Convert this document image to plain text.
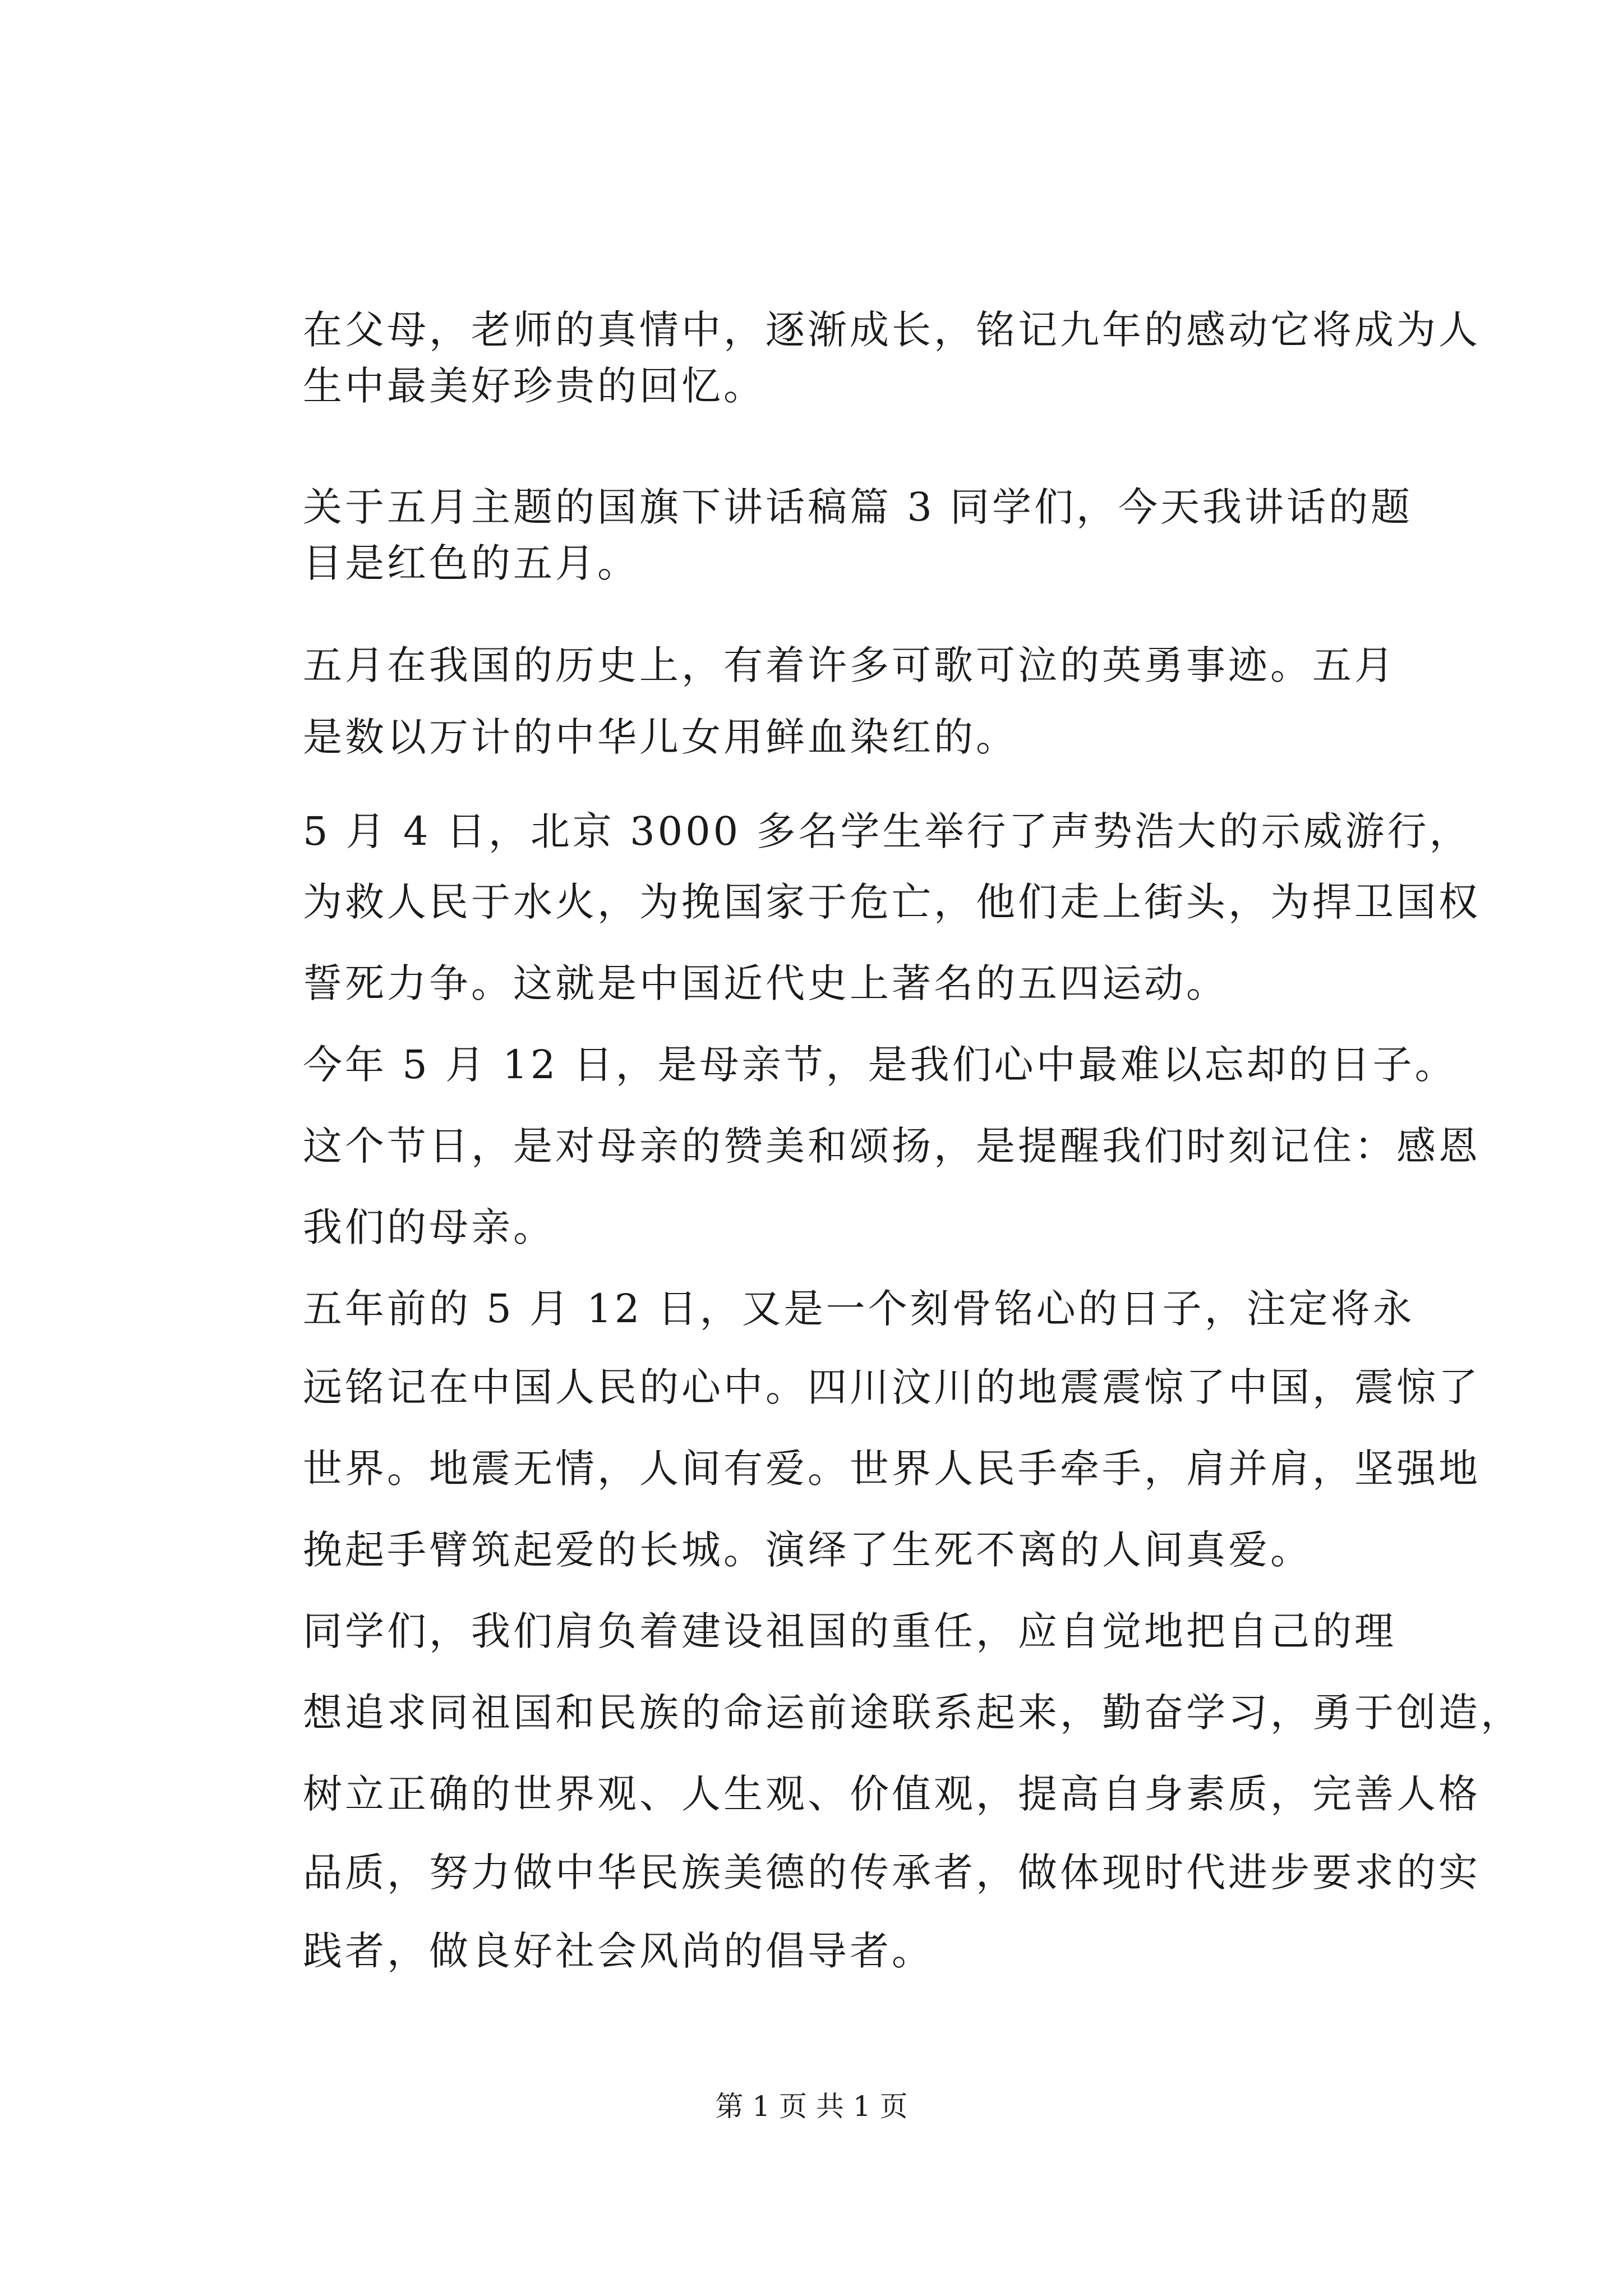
在父母，老师的真情中，逐渐成长，铭记九年的感动它将成为人

生中最美好珍贵的回忆。

关于五月主题的国旗下讲话稿篇 3 同学们，今天我讲话的题

目是红色的五月。

五月在我国的历史上，有着许多可歌可泣的英勇事迹。五月

是数以万计的中华儿女用鲜血染红的。

5 月 4 日，北京 3000 多名学生举行了声势浩大的示威游行，

为救人民于水火，为挽国家于危亡，他们走上街头，为捍卫国权

誓死力争。这就是中国近代史上著名的五四运动。

今年 5 月 12 日，是母亲节，是我们心中最难以忘却的日子。

这个节日，是对母亲的赞美和颂扬，是提醒我们时刻记住：感恩

我们的母亲。

五年前的 5 月 12 日，又是一个刻骨铭心的日子，注定将永

远铭记在中国人民的心中。四川汶川的地震震惊了中国，震惊了

世界。地震无情，人间有爱。世界人民手牵手，肩并肩，坚强地

挽起手臂筑起爱的长城。演绎了生死不离的人间真爱。

同学们，我们肩负着建设祖国的重任，应自觉地把自己的理

想追求同祖国和民族的命运前途联系起来，勤奋学习，勇于创造，

树立正确的世界观、人生观、价值观，提高自身素质，完善人格

品质，努力做中华民族美德的传承者，做体现时代进步要求的实

践者，做良好社会风尚的倡导者。

第 1 页 共 1 页
